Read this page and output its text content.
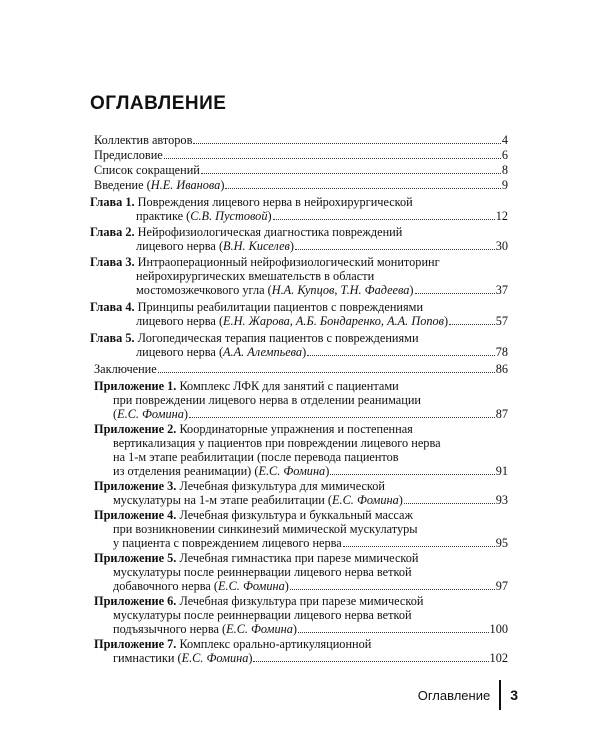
ОГЛАВЛЕНИЕ
Коллектив авторов	4
Предисловие	6
Список сокращений	8
Введение (Н.Е. Иванова)	9
Глава 1. Повреждения лицевого нерва в нейрохирургической
практике (С.В. Пустовой)	12
Глава 2. Нейрофизиологическая диагностика повреждений
лицевого нерва (В.Н. Киселев)	30
Глава 3. Интраоперационный нейрофизиологический мониторинг
нейрохирургических вмешательств в области
мостомозжечкового угла (Н.А. Купцов, Т.Н. Фадеева)	37
Глава 4. Принципы реабилитации пациентов с повреждениями
лицевого нерва (Е.Н. Жарова, А.Б. Бондаренко, А.А. Попов)	57
Глава 5. Логопедическая терапия пациентов с повреждениями
лицевого нерва (А.А. Алемпьева)	78
Заключение	86
Приложение 1. Комплекс ЛФК для занятий с пациентами
при повреждении лицевого нерва в отделении реанимации
(Е.С. Фомина)	87
Приложение 2. Координаторные упражнения и постепенная
вертикализация у пациентов при повреждении лицевого нерва
на 1-м этапе реабилитации (после перевода пациентов
из отделения реанимации) (Е.С. Фомина)	91
Приложение 3. Лечебная физкультура для мимической
мускулатуры на 1-м этапе реабилитации (Е.С. Фомина)	93
Приложение 4. Лечебная физкультура и буккальный массаж
при возникновении синкинезий мимической мускулатуры
у пациента с повреждением лицевого нерва	95
Приложение 5. Лечебная гимнастика при парезе мимической
мускулатуры после реиннервации лицевого нерва веткой
добавочного нерва (Е.С. Фомина)	97
Приложение 6. Лечебная физкультура при парезе мимической
мускулатуры после реиннервации лицевого нерва веткой
подъязычного нерва (Е.С. Фомина)	100
Приложение 7. Комплекс орально-артикуляционной
гимнастики (Е.С. Фомина)	102
Оглавление	3
